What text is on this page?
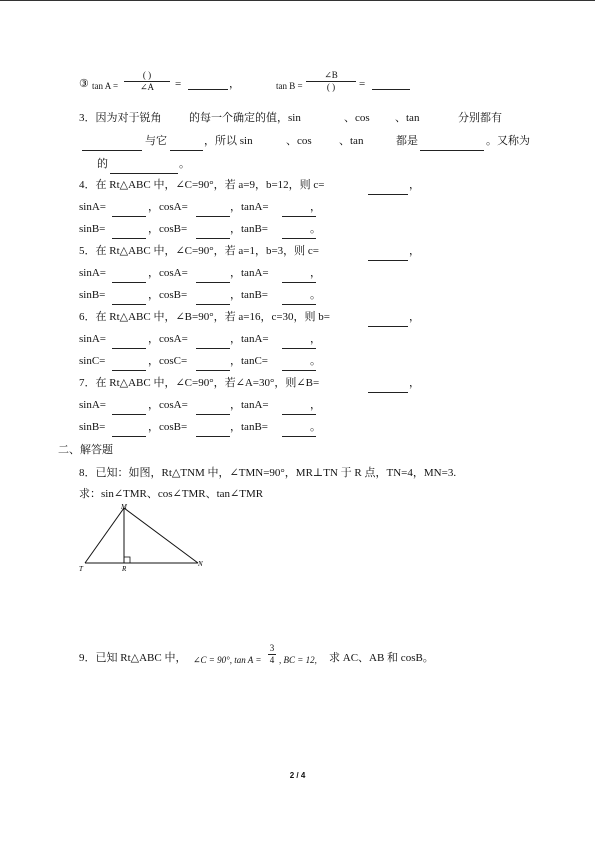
③ tan A =
( )
∠A	=	，	tan B =
∠B
( )	=
3．因为对于锐角	的每一个确定的值，sin	、cos 、tan	分别都有
与它	，所以 sin	、cos 、tan	都是	。又称为
的	。
4．在 Rt△ABC 中，∠C=90°，若 a=9，b=12，则 c=	，
sinA=	，cosA=	，tanA=	，
sinB=	，cosB=	，tanB=	。
5．在 Rt△ABC 中，∠C=90°，若 a=1，b=3，则 c=	，
sinA=	，cosA=	，tanA=	，
sinB=	，cosB=	，tanB=	。
6．在 Rt△ABC 中，∠B=90°，若 a=16，c=30，则 b=	，
sinA=	，cosA=	，tanA=	，
sinC=	，cosC=	，tanC=	。
7．在 Rt△ABC 中，∠C=90°，若∠A=30°，则∠B=	，
sinA=	，cosA=	，tanA=	，
sinB=	，cosB=	，tanB=	。
二、解答题
8．已知：如图，Rt△TNM 中，∠TMN=90°，MR⊥TN 于 R 点，TN=4，MN=3.
求：sin∠TMR、cos∠TMR、tan∠TMR
M
T	R
N
9．已知 Rt△ABC 中， ∠C = 90°, tan A =
3
4 , BC = 12, 求 AC、AB 和 cosB。
2 / 4
